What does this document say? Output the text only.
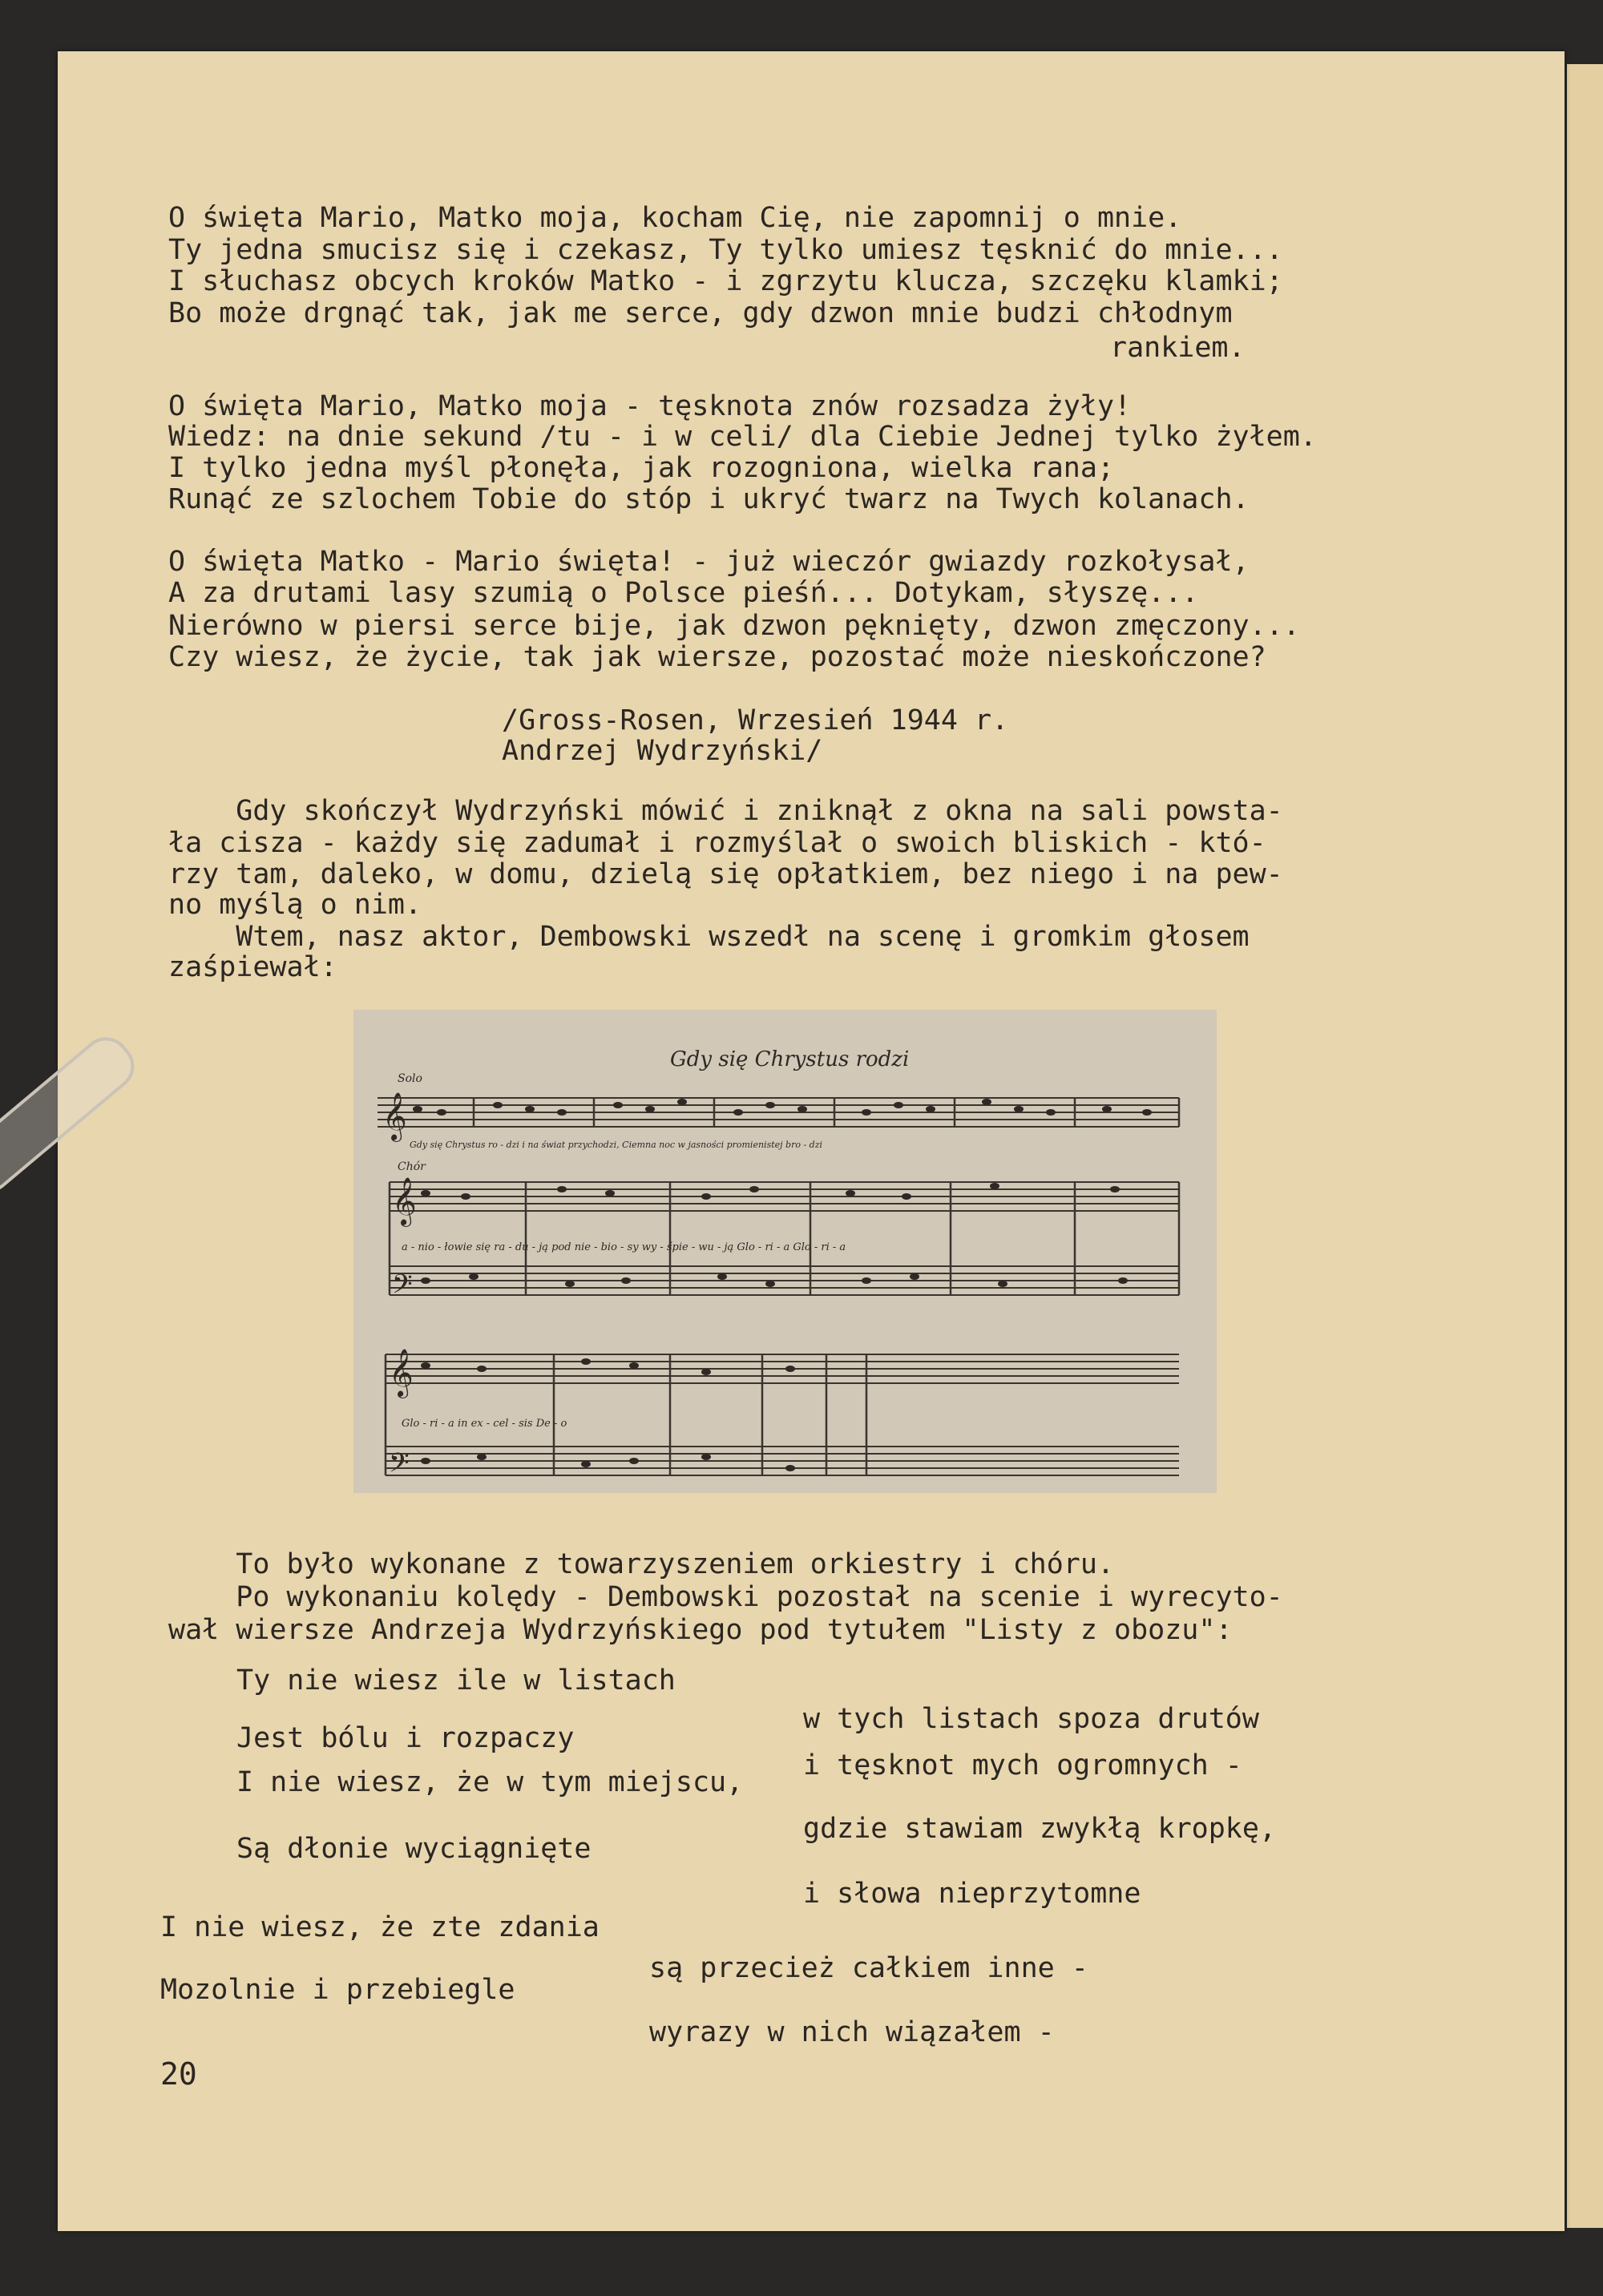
O święta Mario, Matko moja, kocham Cię, nie zapomnij o mnie.
Ty jedna smucisz się i czekasz, Ty tylko umiesz tęsknić do mnie...
I słuchasz obcych kroków Matko - i zgrzytu klucza, szczęku klamki;
Bo może drgnąć tak, jak me serce, gdy dzwon mnie budzi chłodnym
rankiem.
O święta Mario, Matko moja - tęsknota znów rozsadza żyły!
Wiedz: na dnie sekund /tu - i w celi/ dla Ciebie Jednej tylko żyłem.
I tylko jedna myśl płonęła, jak rozogniona, wielka rana;
Runąć ze szlochem Tobie do stóp i ukryć twarz na Twych kolanach.
O święta Matko - Mario święta! - już wieczór gwiazdy rozkołysał,
A za drutami lasy szumią o Polsce pieśń... Dotykam, słyszę...
Nierówno w piersi serce bije, jak dzwon pęknięty, dzwon zmęczony...
Czy wiesz, że życie, tak jak wiersze, pozostać może nieskończone?
/Gross-Rosen, Wrzesień 1944 r.
Andrzej Wydrzyński/
Gdy skończył Wydrzyński mówić i zniknął z okna na sali powsta-
ła cisza - każdy się zadumał i rozmyślał o swoich bliskich - któ-
rzy tam, daleko, w domu, dzielą się opłatkiem, bez niego i na pew-
no myślą o nim.
Wtem, nasz aktor, Dembowski wszedł na scenę i gromkim głosem
zaśpiewał:
𝄞
𝄞
𝄢
𝄞
𝄢
Gdy się Chrystus rodzi
Solo
Chór
Gdy się Chrystus ro - dzi i na świat przychodzi, Ciemna noc w jasności promienistej bro - dzi
a - nio - łowie się ra - du - ją pod nie - bio - sy wy - śpie - wu - ją Glo - ri - a Glo - ri - a
Glo - ri - a in ex - cel - sis De - o
To było wykonane z towarzyszeniem orkiestry i chóru.
Po wykonaniu kolędy - Dembowski pozostał na scenie i wyrecyto-
wał wiersze Andrzeja Wydrzyńskiego pod tytułem "Listy z obozu":
Ty nie wiesz ile w listach
Jest bólu i rozpaczy
I nie wiesz, że w tym miejscu,
Są dłonie wyciągnięte
I nie wiesz, że zte zdania
Mozolnie i przebiegle
w tych listach spoza drutów
i tęsknot mych ogromnych -
gdzie stawiam zwykłą kropkę,
i słowa nieprzytomne
są przecież całkiem inne -
wyrazy w nich wiązałem -
20
